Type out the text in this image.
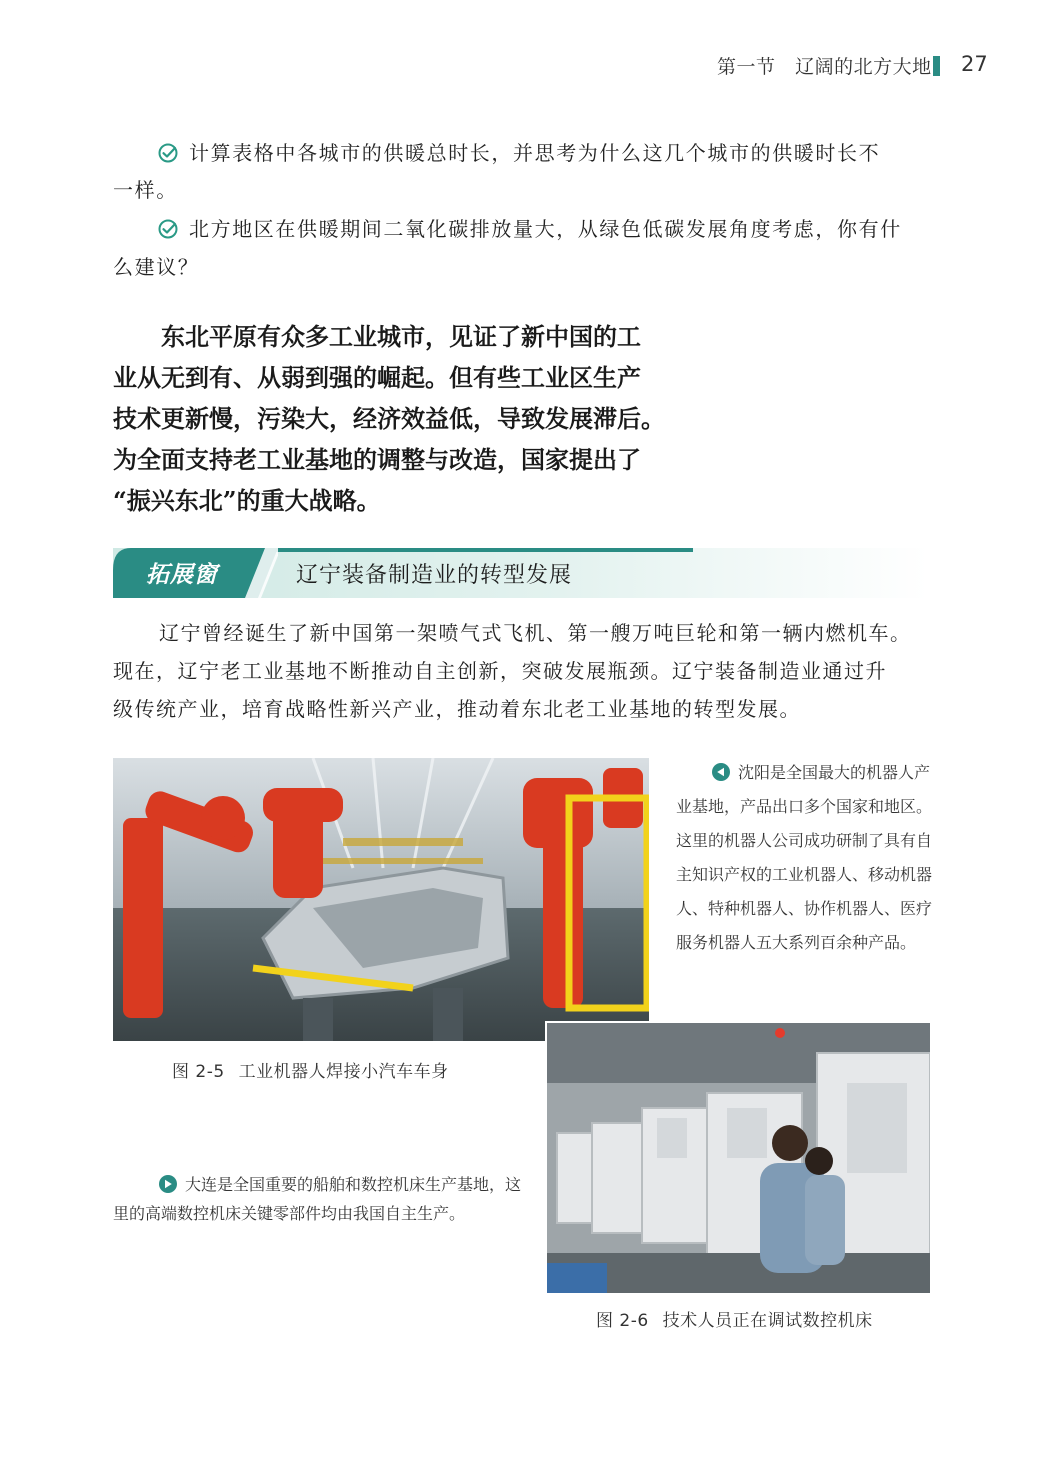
第一节 辽阔的北方大地 27
计算表格中各城市的供暖总时长，并思考为什么这几个城市的供暖时长不
一样。
北方地区在供暖期间二氧化碳排放量大，从绿色低碳发展角度考虑，你有什
么建议？
东北平原有众多工业城市，见证了新中国的工
业从无到有、从弱到强的崛起。但有些工业区生产
技术更新慢，污染大，经济效益低，导致发展滞后。
为全面支持老工业基地的调整与改造，国家提出了
“振兴东北”的重大战略。
拓展窗	辽宁装备制造业的转型发展
辽宁曾经诞生了新中国第一架喷气式飞机、第一艘万吨巨轮和第一辆内燃机车。
现在，辽宁老工业基地不断推动自主创新，突破发展瓶颈。辽宁装备制造业通过升
级传统产业，培育战略性新兴产业，推动着东北老工业基地的转型发展。
沈阳是全国最大的机器人产
业基地，产品出口多个国家和地区。
这里的机器人公司成功研制了具有自
主知识产权的工业机器人、移动机器
人、特种机器人、协作机器人、医疗
服务机器人五大系列百余种产品。
图 2-5 工业机器人焊接小汽车车身
大连是全国重要的船舶和数控机床生产基地，这
里的高端数控机床关键零部件均由我国自主生产。
图 2-6 技术人员正在调试数控机床
